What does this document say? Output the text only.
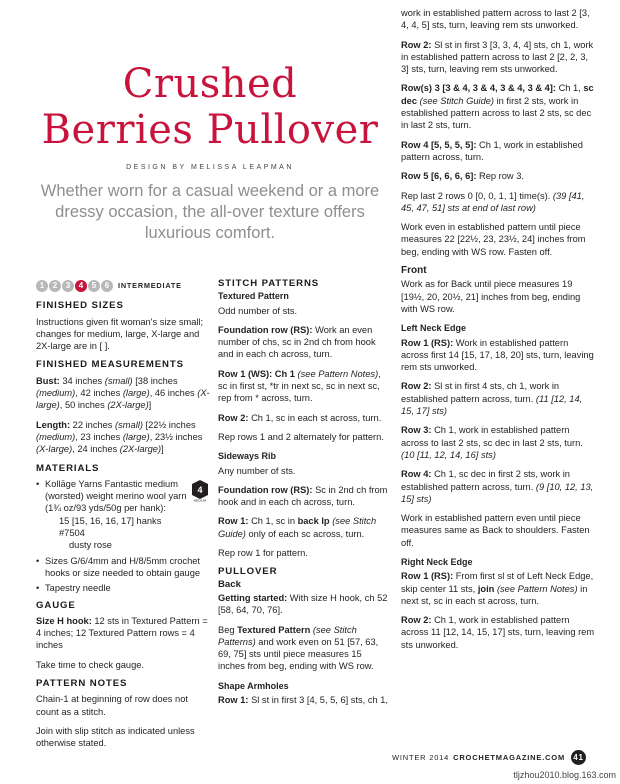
Crushed
Berries Pullover
DESIGN BY MELISSA LEAPMAN
Whether worn for a casual weekend or a more
dressy occasion, the all-over texture offers
luxurious comfort.
1	2	3	4	5	6	INTERMEDIATE
FINISHED SIZES

Instructions given fit woman's size small; changes for medium, large, X-large and 2X-large are in [ ].

FINISHED MEASUREMENTS

Bust: 34 inches (small) [38 inches (medium), 42 inches (large), 46 inches (X-large), 50 inches (2X-large)]

Length: 22 inches (small) [22½ inches (medium), 23 inches (large), 23½ inches (X-large), 24 inches (2X-large)]

MATERIALS
4
MEDIUM
• Kollāge Yarns Fantastic medium (worsted) weight merino wool yarn (1¾ oz/93 yds/50g per hank):
15 [15, 16, 16, 17] hanks #7504
dusty rose
• Sizes G/6/4mm and H/8/5mm crochet hooks or size needed to obtain gauge
• Tapestry needle
GAUGE

Size H hook: 12 sts in Textured Pattern = 4 inches; 12 Textured Pattern rows = 4 inches

Take time to check gauge.

PATTERN NOTES

Chain-1 at beginning of row does not count as a stitch.

Join with slip stitch as indicated unless otherwise stated.

STITCH PATTERNS
Textured Pattern

Odd number of sts.

Foundation row (RS): Work an even number of chs, sc in 2nd ch from hook and in each ch across, turn.

Row 1 (WS): Ch 1 (see Pattern Notes), sc in first st, *tr in next sc, sc in next sc, rep from * across, turn.

Row 2: Ch 1, sc in each st across, turn.

Rep rows 1 and 2 alternately for pattern.

Sideways Rib

Any number of sts.

Foundation row (RS): Sc in 2nd ch from hook and in each ch across, turn.

Row 1: Ch 1, sc in back lp (see Stitch Guide) only of each sc across, turn.

Rep row 1 for pattern.

PULLOVER
Back

Getting started: With size H hook, ch 52 [58, 64, 70, 76].

Beg Textured Pattern (see Stitch Patterns) and work even on 51 [57, 63, 69, 75] sts until piece measures 15 inches from beg, ending with WS row.

Shape Armholes

Row 1: Sl st in first 3 [4, 5, 5, 6] sts, ch 1,

work in established pattern across to last 2 [3, 4, 4, 5] sts, turn, leaving rem sts unworked.

Row 2: Sl st in first 3 [3, 3, 4, 4] sts, ch 1, work in established pattern across to last 2 [2, 2, 3, 3] sts, turn, leaving rem sts unworked.

Row(s) 3 [3 & 4, 3 & 4, 3 & 4, 3 & 4]: Ch 1, sc dec (see Stitch Guide) in first 2 sts, work in established pattern across to last 2 sts, sc dec in last 2 sts, turn.

Row 4 [5, 5, 5, 5]: Ch 1, work in established pattern across, turn.

Row 5 [6, 6, 6, 6]: Rep row 3.

Rep last 2 rows 0 [0, 0, 1, 1] time(s). (39 [41, 45, 47, 51] sts at end of last row)

Work even in established pattern until piece measures 22 [22½, 23, 23½, 24] inches from beg, ending with WS row. Fasten off.

Front

Work as for Back until piece measures 19 [19½, 20, 20½, 21] inches from beg, ending with WS row.

Left Neck Edge

Row 1 (RS): Work in established pattern across first 14 [15, 17, 18, 20] sts, turn, leaving rem sts unworked.

Row 2: Sl st in first 4 sts, ch 1, work in established pattern across, turn. (11 [12, 14, 15, 17] sts)

Row 3: Ch 1, work in established pattern across to last 2 sts, sc dec in last 2 sts, turn. (10 [11, 12, 14, 16] sts)

Row 4: Ch 1, sc dec in first 2 sts, work in established pattern across, turn. (9 [10, 12, 13, 15] sts)

Work in established pattern even until piece measures same as Back to shoulders. Fasten off.

Right Neck Edge

Row 1 (RS): From first sl st of Left Neck Edge, skip center 11 sts, join (see Pattern Notes) in next st, sc in each st across, turn.

Row 2: Ch 1, work in established pattern across 11 [12, 14, 15, 17] sts, turn, leaving rem sts unworked.

WINTER 2014 CROCHETMAGAZINE.COM 41
tljzhou2010.blog.163.com
